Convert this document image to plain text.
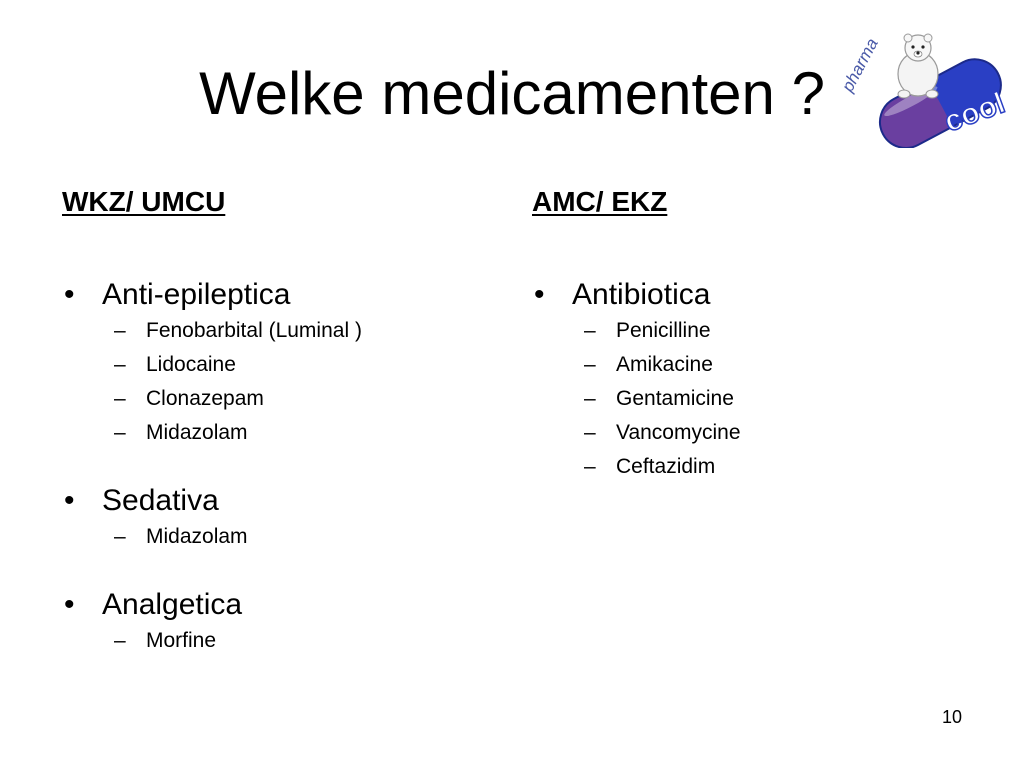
Welke medicamenten ? pharma
cool
WKZ/ UMCU
• Anti-epileptica
– Fenobarbital (Luminal )
– Lidocaine
– Clonazepam
– Midazolam
• Sedativa
– Midazolam
• Analgetica
– Morfine
AMC/ EKZ
• Antibiotica
– Penicilline
– Amikacine
– Gentamicine
– Vancomycine
– Ceftazidim
10
